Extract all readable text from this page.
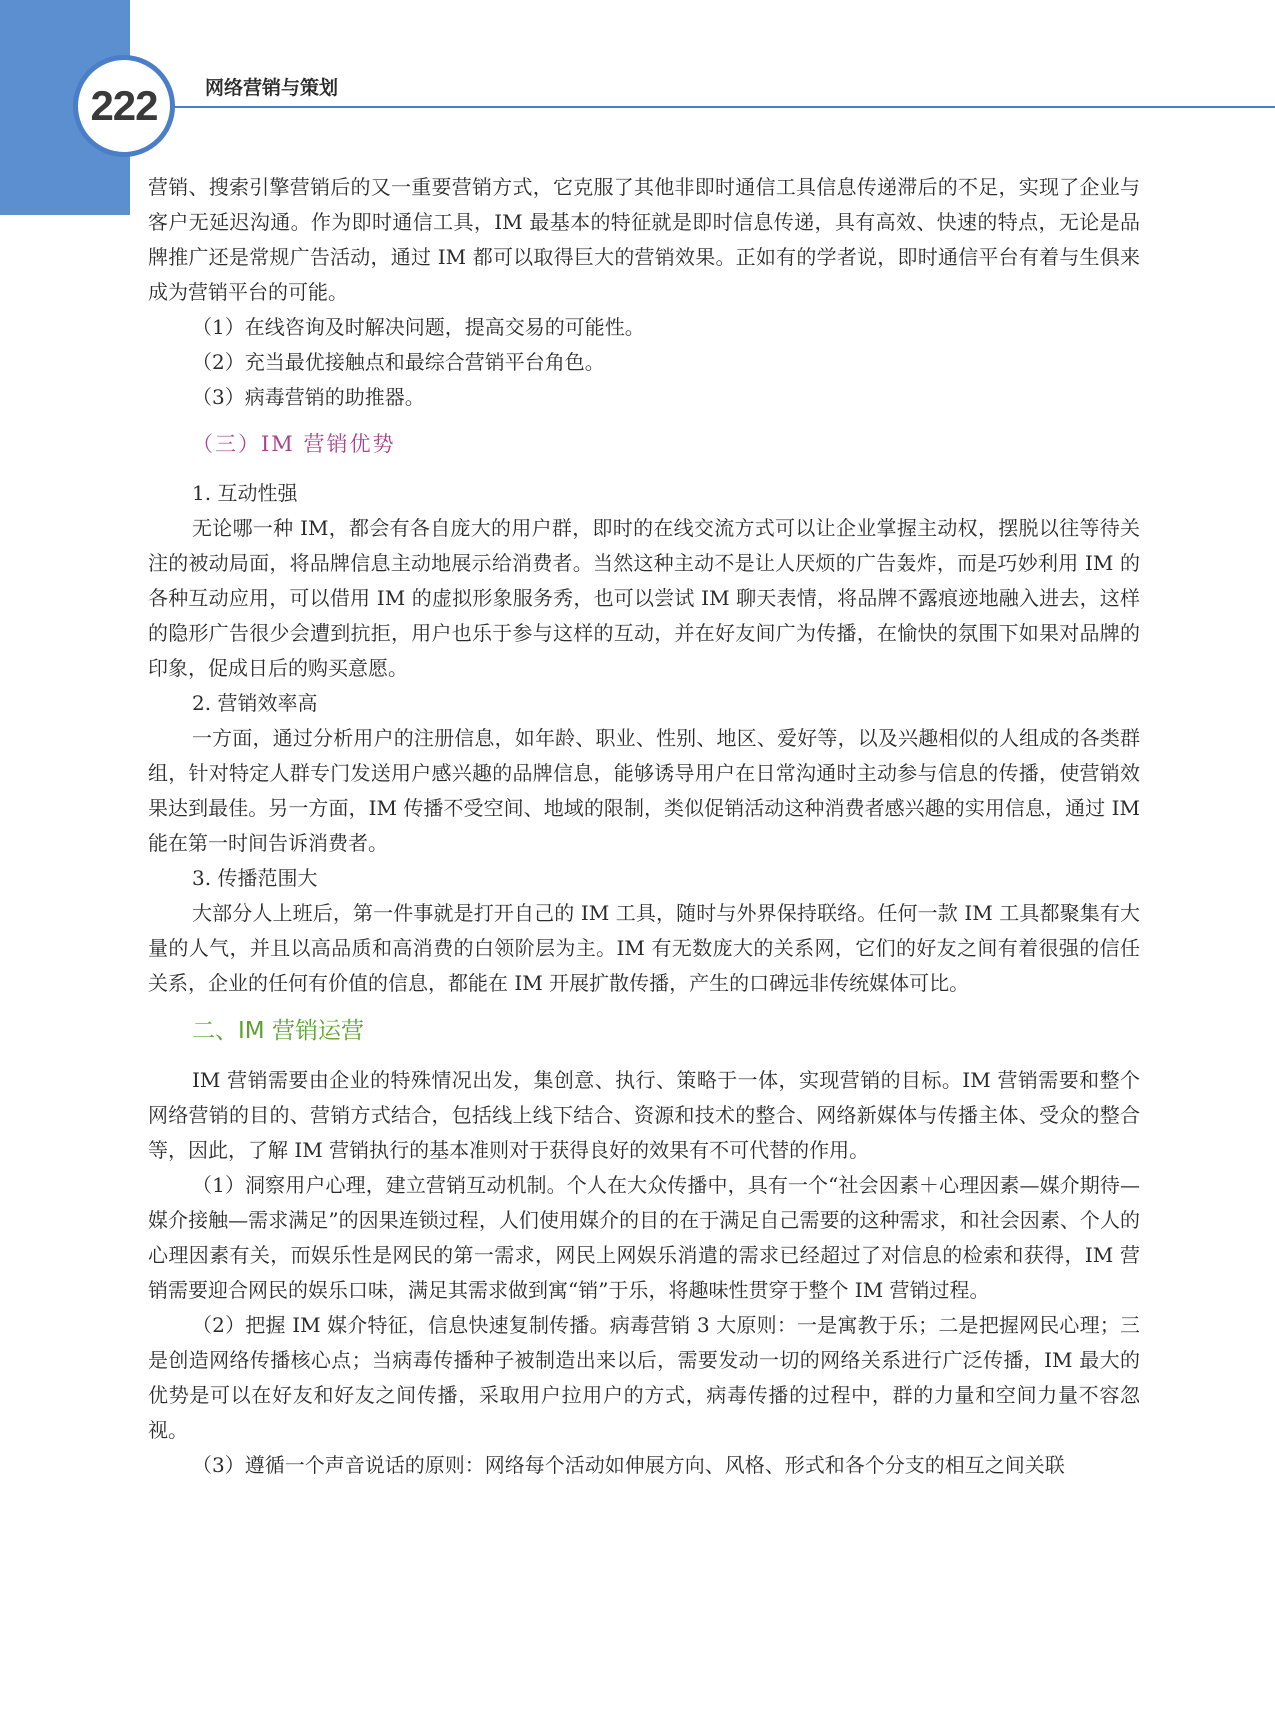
222 网络营销与策划

营销、搜索引擎营销后的又一重要营销方式，它克服了其他非即时通信工具信息传递滞后的不足，实现了企业与客户无延迟沟通。作为即时通信工具，IM 最基本的特征就是即时信息传递，具有高效、快速的特点，无论是品牌推广还是常规广告活动，通过 IM 都可以取得巨大的营销效果。正如有的学者说，即时通信平台有着与生俱来成为营销平台的可能。

（1）在线咨询及时解决问题，提高交易的可能性。

（2）充当最优接触点和最综合营销平台角色。

（3）病毒营销的助推器。

（三）IM 营销优势

1. 互动性强

无论哪一种 IM，都会有各自庞大的用户群，即时的在线交流方式可以让企业掌握主动权，摆脱以往等待关注的被动局面，将品牌信息主动地展示给消费者。当然这种主动不是让人厌烦的广告轰炸，而是巧妙利用 IM 的各种互动应用，可以借用 IM 的虚拟形象服务秀，也可以尝试 IM 聊天表情，将品牌不露痕迹地融入进去，这样的隐形广告很少会遭到抗拒，用户也乐于参与这样的互动，并在好友间广为传播，在愉快的氛围下如果对品牌的印象，促成日后的购买意愿。

2. 营销效率高

一方面，通过分析用户的注册信息，如年龄、职业、性别、地区、爱好等，以及兴趣相似的人组成的各类群组，针对特定人群专门发送用户感兴趣的品牌信息，能够诱导用户在日常沟通时主动参与信息的传播，使营销效果达到最佳。另一方面，IM 传播不受空间、地域的限制，类似促销活动这种消费者感兴趣的实用信息，通过 IM 能在第一时间告诉消费者。

3. 传播范围大

大部分人上班后，第一件事就是打开自己的 IM 工具，随时与外界保持联络。任何一款 IM 工具都聚集有大量的人气，并且以高品质和高消费的白领阶层为主。IM 有无数庞大的关系网，它们的好友之间有着很强的信任关系，企业的任何有价值的信息，都能在 IM 开展扩散传播，产生的口碑远非传统媒体可比。

二、IM 营销运营

IM 营销需要由企业的特殊情况出发，集创意、执行、策略于一体，实现营销的目标。IM 营销需要和整个网络营销的目的、营销方式结合，包括线上线下结合、资源和技术的整合、网络新媒体与传播主体、受众的整合等，因此，了解 IM 营销执行的基本准则对于获得良好的效果有不可代替的作用。

（1）洞察用户心理，建立营销互动机制。个人在大众传播中，具有一个“社会因素＋心理因素—媒介期待—媒介接触—需求满足”的因果连锁过程，人们使用媒介的目的在于满足自己需要的这种需求，和社会因素、个人的心理因素有关，而娱乐性是网民的第一需求，网民上网娱乐消遣的需求已经超过了对信息的检索和获得，IM 营销需要迎合网民的娱乐口味，满足其需求做到寓“销”于乐，将趣味性贯穿于整个 IM 营销过程。

（2）把握 IM 媒介特征，信息快速复制传播。病毒营销 3 大原则：一是寓教于乐；二是把握网民心理；三是创造网络传播核心点；当病毒传播种子被制造出来以后，需要发动一切的网络关系进行广泛传播，IM 最大的优势是可以在好友和好友之间传播，采取用户拉用户的方式，病毒传播的过程中，群的力量和空间力量不容忽视。

（3）遵循一个声音说话的原则：网络每个活动如伸展方向、风格、形式和各个分支的相互之间关联
